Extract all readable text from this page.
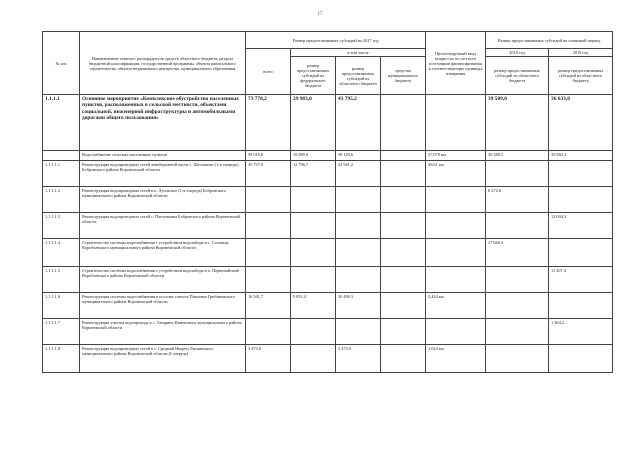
17
№ п/п	Наименование главного распорядителя средств областного бюджета, раздела бюджетной классификации, государственной программы, объекта капитального строительства, объекта недвижимого имущества, муниципального образования	Размер предоставляемых субсидий на 2017 год				Прогнозируемый ввод мощности за счет всех источников финансирования в соответствующих единицах измерения	Размер предоставляемых субсидий на плановый период	
		всего	в том числе				2018 год	2019 год
			размер предоставляемых субсидий из федерального бюджета	размер предоставляемых субсидий из областного бюджета	средства муниципального бюджета		размер предоставляемых субсидий из областного бюджета	размер предоставляемых субсидий из областного бюджета
1.1.1.1	Основное мероприятие «Комплексное обустройство населенных пунктов, расположенных в сельской местности, объектами социальной, инженерной инфраструктуры и автомобильными дорогами общего пользования»	73 778,2	29 983,0	43 795,2			39 509,0	36 633,0
	Водоснабжение сельских населенных пунктов	59 018,6	19 889,0	39 129,6		37,078 км	38 389,5	35 882,3
1.1.1.1.1	Реконструкция водопроводных сетей левобережной части с. Шестаково (1-я очередь) Бобровского района Воронежской области	35 737,9	12 796,7	22 941,2		30,61 км		
1.1.1.1.2	Реконструкция водопроводных сетей в п. Луговское (1-я очередь) Бобровского муниципального района Воронежской области						6 272,6	
1.1.1.1.3	Реконструкция водопроводных сетей с. Пчелиновка Бобровского района Воронежской области							12 004,3
1.1.1.1.4	Строительство системы водоснабжения с устройством водозабора в с. Солонцы Воробьевского муниципального района Воронежской области						17 666,3	
1.1.1.1.5	Строительство системы водоснабжения с устройством водозабора в п. Первомайский Воробьевского района Воронежской области							11 307,4
1.1.1.1.6	Реконструкция системы водоснабжения в поселке совхоза Павловка Грибановского муниципального района Воронежской области	16 341,7	5 851,4	10 490,3		5,444 км		
1.1.1.1.7	Реконструкция участка водопровода в с. Татарино Каменского муниципального района Воронежской области							1 364,2
1.1.1.1.8	Реконструкция водопроводных сетей в с. Средний Икорец Лискинского муниципального района Воронежской области (I очередь)	3 473,0		3 473,0		1,024 км		
